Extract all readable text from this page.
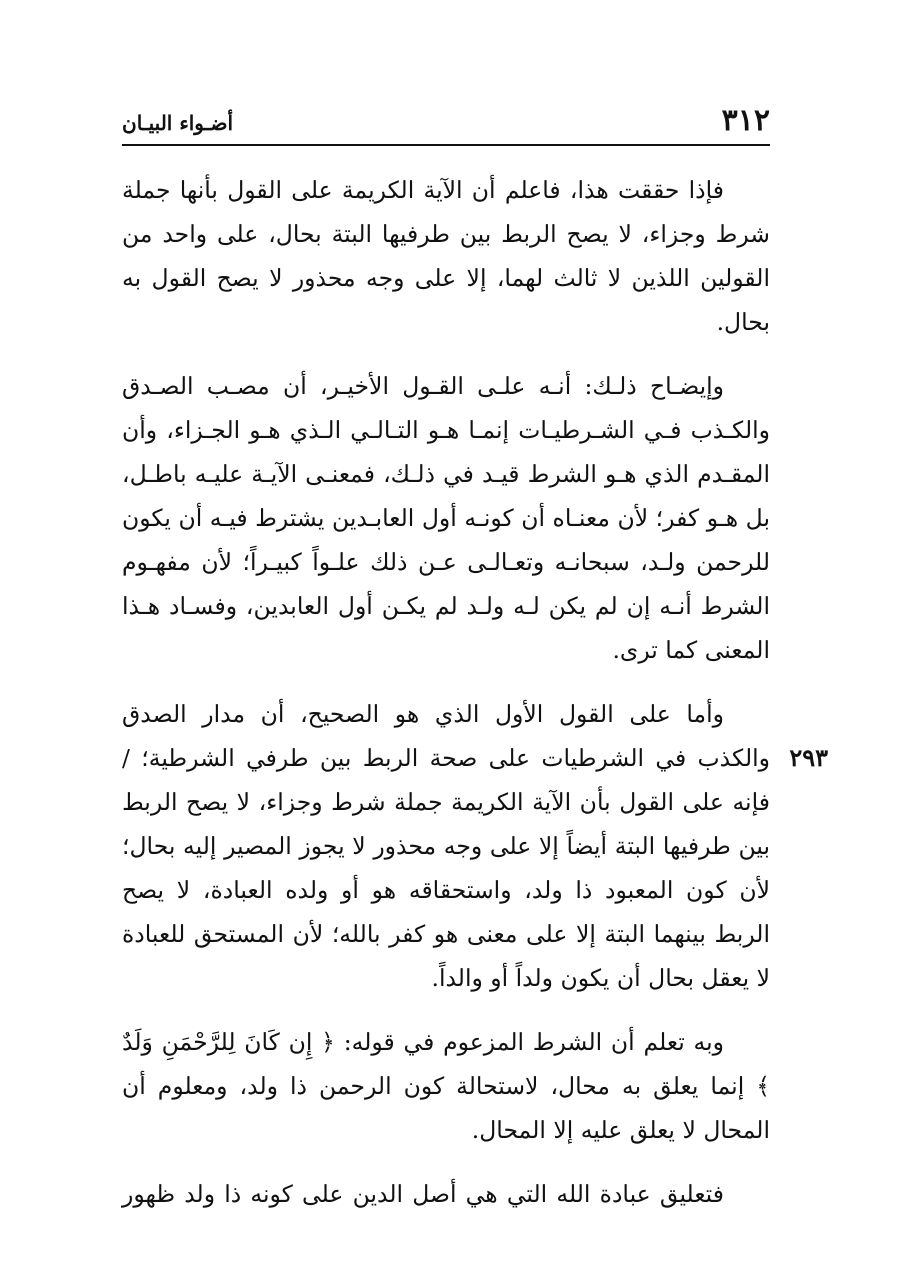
٣١٢
أضـواء البيـان

فإذا حققت هذا، فاعلم أن الآية الكريمة على القول بأنها جملة شرط وجزاء، لا يصح الربط بين طرفيها البتة بحال، على واحد من القولين اللذين لا ثالث لهما، إلا على وجه محذور لا يصح القول به بحال.

وإيضـاح ذلـك: أنـه علـى القـول الأخيـر، أن مصـب الصـدق والكـذب فـي الشـرطيـات إنمـا هـو التـالـي الـذي هـو الجـزاء، وأن المقـدم الذي هـو الشرط قيـد في ذلـك، فمعنـى الآيـة عليـه باطـل، بل هـو كفر؛ لأن معنـاه أن كونـه أول العابـدين يشترط فيـه أن يكون للرحمن ولـد، سبحانـه وتعـالـى عـن ذلك علـواً كبيـراً؛ لأن مفهـوم الشرط أنـه إن لم يكن لـه ولـد لم يكـن أول العابدين، وفسـاد هـذا المعنى كما ترى.

٢٩٣

وأما على القول الأول الذي هو الصحيح، أن مدار الصدق والكذب في الشرطيات على صحة الربط بين طرفي الشرطية؛ / فإنه على القول بأن الآية الكريمة جملة شرط وجزاء، لا يصح الربط بين طرفيها البتة أيضاً إلا على وجه محذور لا يجوز المصير إليه بحال؛ لأن كون المعبود ذا ولد، واستحقاقه هو أو ولده العبادة، لا يصح الربط بينهما البتة إلا على معنى هو كفر بالله؛ لأن المستحق للعبادة لا يعقل بحال أن يكون ولداً أو والداً.

وبه تعلم أن الشرط المزعوم في قوله: ﴿ إِن كَانَ لِلرَّحْمَنِ وَلَدٌ ﴾ إنما يعلق به محال، لاستحالة كون الرحمن ذا ولد، ومعلوم أن المحال لا يعلق عليه إلا المحال.

فتعليق عبادة الله التي هي أصل الدين على كونه ذا ولد ظهور
